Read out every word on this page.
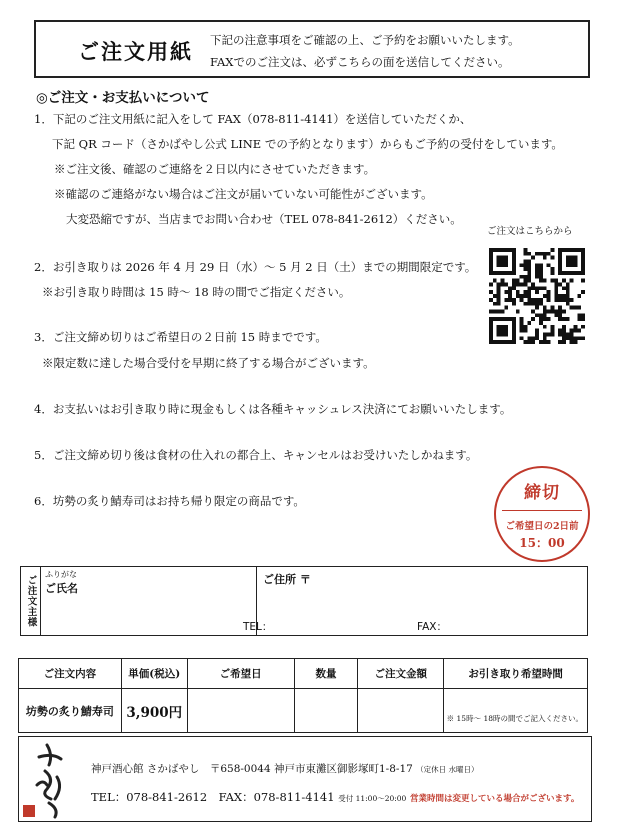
ご注文用紙 下記の注意事項をご確認の上、ご予約をお願いいたします。
FAXでのご注文は、必ずこちらの面を送信してください。
◎ご注文・お支払いについて
1．下記のご注文用紙に記入をして FAX（078-811-4141）を送信していただくか、
下記 QR コード（さかばやし公式 LINE での予約となります）からもご予約の受付をしています。
※ご注文後、確認のご連絡を２日以内にさせていただきます。
※確認のご連絡がない場合はご注文が届いていない可能性がございます。
大変恐縮ですが、当店までお問い合わせ（TEL 078-841-2612）ください。
2．お引き取りは 2026 年 4 月 29 日（水）～ 5 月 2 日（土）までの期間限定です。
※お引き取り時間は 15 時～ 18 時の間でご指定ください。
3．ご注文締め切りはご希望日の２日前 15 時までです。
※限定数に達した場合受付を早期に終了する場合がございます。
4．お支払いはお引き取り時に現金もしくは各種キャッシュレス決済にてお願いいたします。
5．ご注文締め切り後は食材の仕入れの都合上、キャンセルはお受けいたしかねます。
6．坊勢の炙り鯖寿司はお持ち帰り限定の商品です。
ご注文はこちらから
締切
ご希望日の2日前
15：00
ご注文主様
ふりがな
ご氏名
ご住所 〒
TEL：	FAX：
ご注文内容	単価(税込)	ご希望日	数量	ご注文金額	お引き取り希望時間
坊勢の炙り鯖寿司	3,900円				※ 15時～ 18時の間でご記入ください。
神戸酒心館 さかばやし　〒658-0044 神戸市東灘区御影塚町1-8-17 （定休日 水曜日）
TEL：078-841-2612　FAX：078-811-4141 受付 11:00～20:00 営業時間は変更している場合がございます。
